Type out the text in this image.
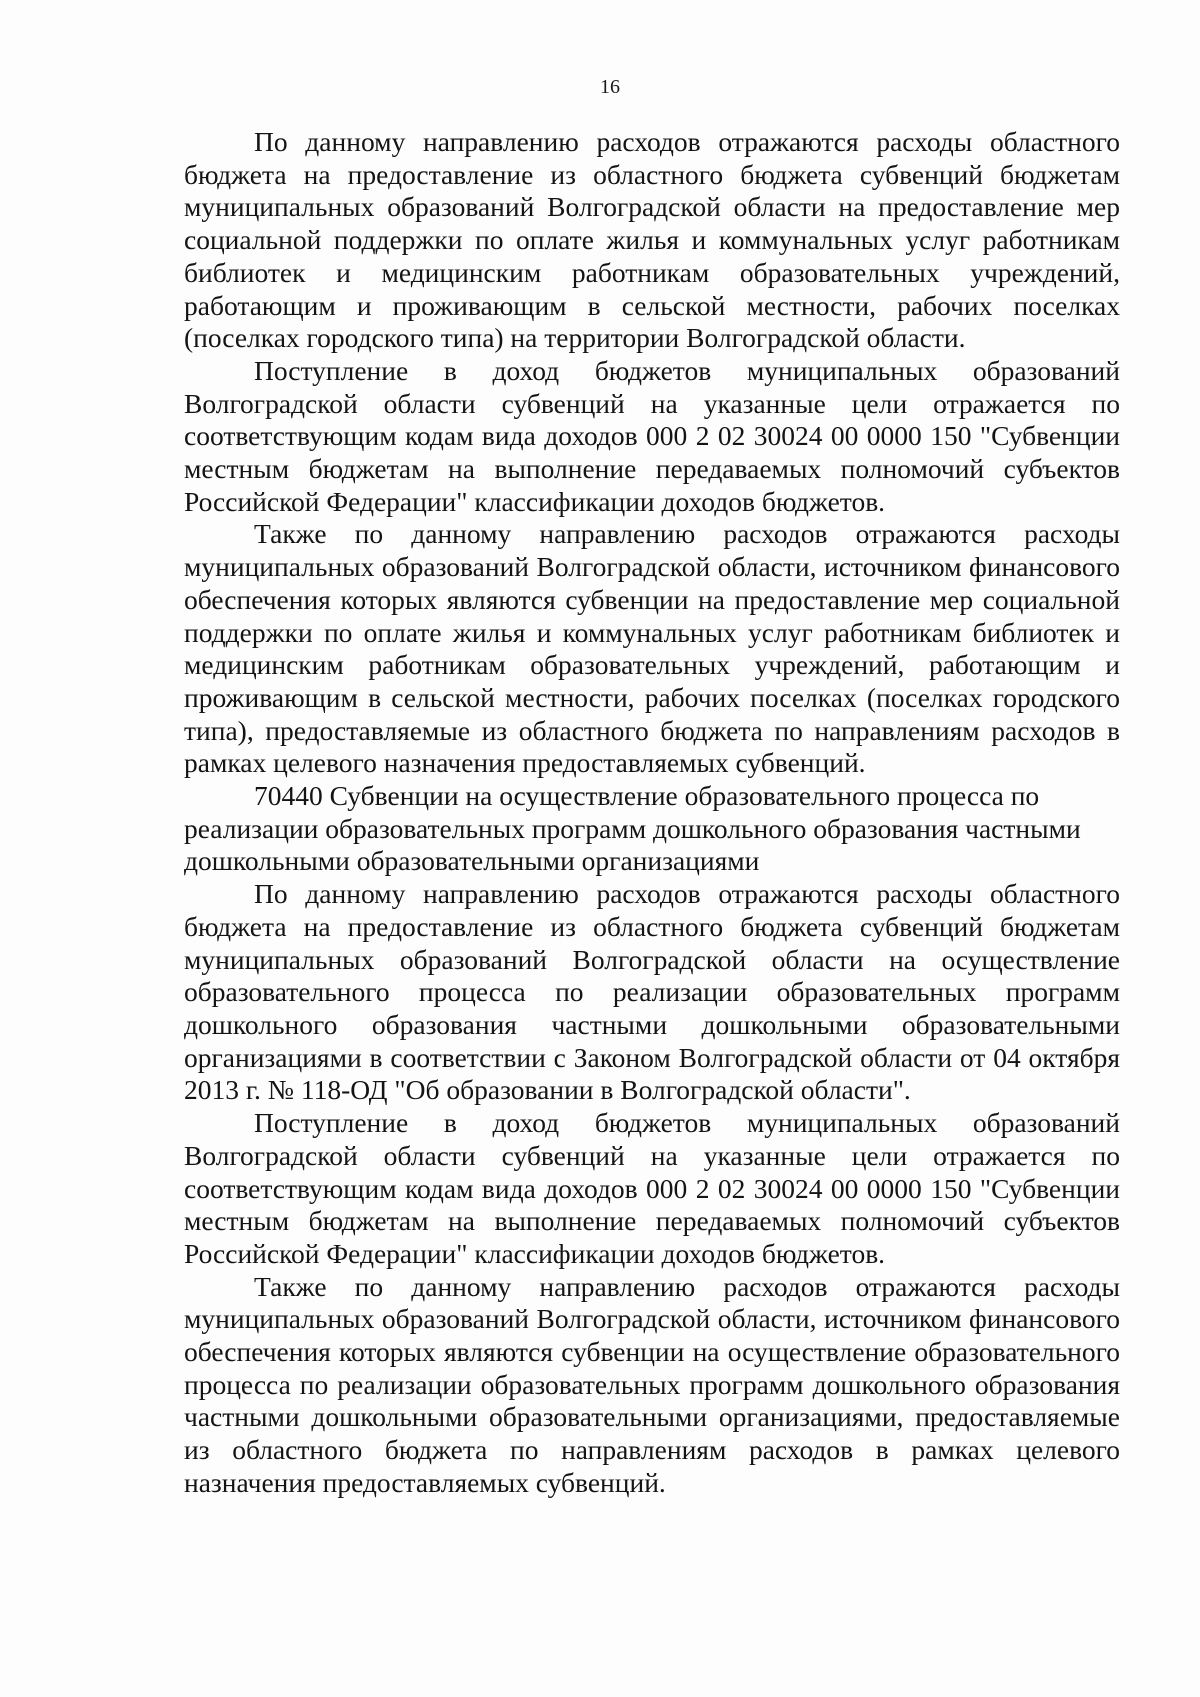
16

По данному направлению расходов отражаются расходы областного бюджета на предоставление из областного бюджета субвенций бюджетам муниципальных образований Волгоградской области на предоставление мер социальной поддержки по оплате жилья и коммунальных услуг работникам библиотек и медицинским работникам образовательных учреждений, работающим и проживающим в сельской местности, рабочих поселках (поселках городского типа) на территории Волгоградской области.

Поступление в доход бюджетов муниципальных образований Волгоградской области субвенций на указанные цели отражается по соответствующим кодам вида доходов 000 2 02 30024 00 0000 150 "Субвенции местным бюджетам на выполнение передаваемых полномочий субъектов Российской Федерации" классификации доходов бюджетов.

Также по данному направлению расходов отражаются расходы муниципальных образований Волгоградской области, источником финансового обеспечения которых являются субвенции на предоставление мер социальной поддержки по оплате жилья и коммунальных услуг работникам библиотек и медицинским работникам образовательных учреждений, работающим и проживающим в сельской местности, рабочих поселках (поселках городского типа), предоставляемые из областного бюджета по направлениям расходов в рамках целевого назначения предоставляемых субвенций.

70440 Субвенции на осуществление образовательного процесса по реализации образовательных программ дошкольного образования частными дошкольными образовательными организациями

По данному направлению расходов отражаются расходы областного бюджета на предоставление из областного бюджета субвенций бюджетам муниципальных образований Волгоградской области на осуществление образовательного процесса по реализации образовательных программ дошкольного образования частными дошкольными образовательными организациями в соответствии с Законом Волгоградской области от 04 октября 2013 г. № 118-ОД "Об образовании в Волгоградской области".

Поступление в доход бюджетов муниципальных образований Волгоградской области субвенций на указанные цели отражается по соответствующим кодам вида доходов 000 2 02 30024 00 0000 150 "Субвенции местным бюджетам на выполнение передаваемых полномочий субъектов Российской Федерации" классификации доходов бюджетов.

Также по данному направлению расходов отражаются расходы муниципальных образований Волгоградской области, источником финансового обеспечения которых являются субвенции на осуществление образовательного процесса по реализации образовательных программ дошкольного образования частными дошкольными образовательными организациями, предоставляемые из областного бюджета по направлениям расходов в рамках целевого назначения предоставляемых субвенций.
